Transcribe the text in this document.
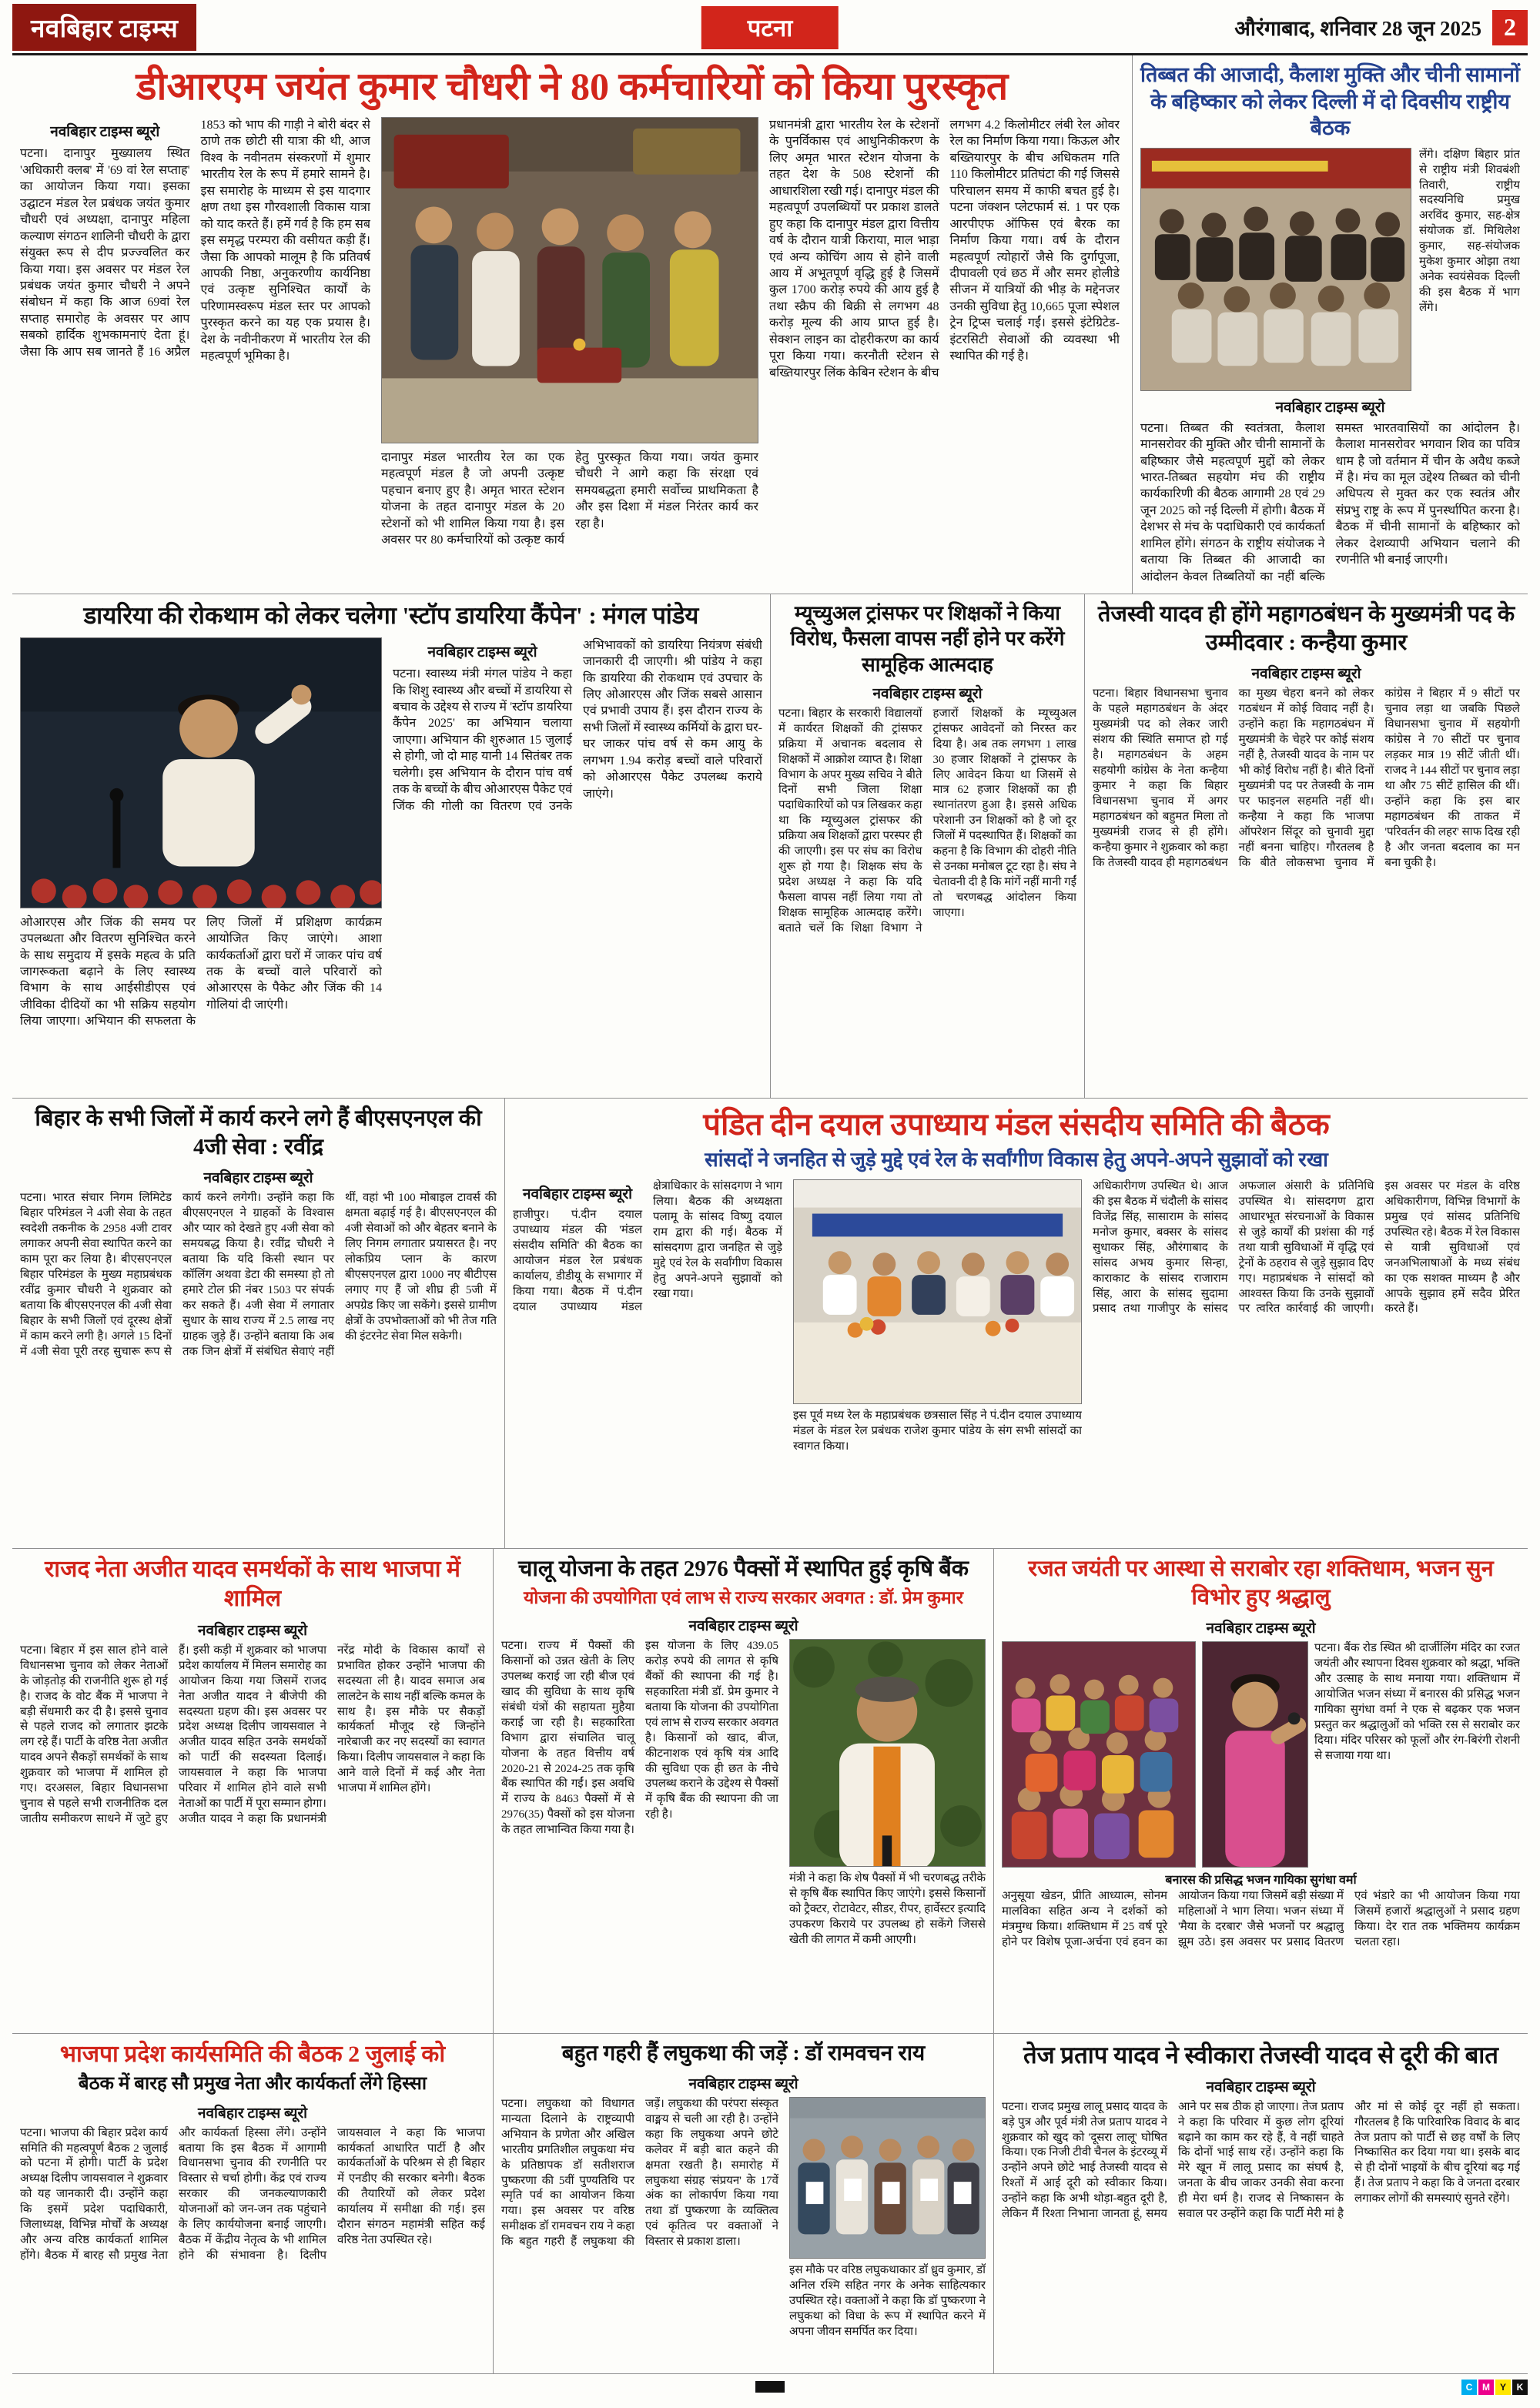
नवबिहार टाइम्स	पटना	औरंगाबाद, शनिवार 28 जून 2025 2
डीआरएम जयंत कुमार चौधरी ने 80 कर्मचारियों को किया पुरस्कृत
नवबिहार टाइम्स ब्यूरो
पटना। दानापुर मुख्यालय स्थित 'अधिकारी क्लब' में '69 वां रेल सप्ताह' का आयोजन किया गया। इसका उद्घाटन मंडल रेल प्रबंधक जयंत कुमार चौधरी एवं अध्यक्षा, दानापुर महिला कल्याण संगठन शालिनी चौधरी के द्वारा संयुक्त रूप से दीप प्रज्ज्वलित कर किया गया। इस अवसर पर मंडल रेल प्रबंधक जयंत कुमार चौधरी ने अपने संबोधन में कहा कि आज 69वां रेल सप्ताह समारोह के अवसर पर आप सबको हार्दिक शुभकामनाएं देता हूं। जैसा कि आप सब जानते हैं 16 अप्रैल 1853 को भाप की गाड़ी ने बोरी बंदर से ठाणे तक छोटी सी यात्रा की थी, आज विश्व के नवीनतम संस्करणों में शुमार भारतीय रेल के रूप में हमारे सामने है। इस समारोह के माध्यम से इस यादगार क्षण तथा इस गौरवशाली विकास यात्रा को याद करते हैं। हमें गर्व है कि हम सब इस समृद्ध परम्परा की वसीयत कड़ी हैं। जैसा कि आपको मालूम है कि प्रतिवर्ष आपकी निष्ठा, अनुकरणीय कार्यनिष्ठा एवं उत्कृष्ट सुनिश्चित कार्यों के परिणामस्वरूप मंडल स्तर पर आपको पुरस्कृत करने का यह एक प्रयास है। देश के नवीनीकरण में भारतीय रेल की महत्वपूर्ण भूमिका है।
दानापुर मंडल भारतीय रेल का एक महत्वपूर्ण मंडल है जो अपनी उत्कृष्ट पहचान बनाए हुए है। अमृत भारत स्टेशन योजना के तहत दानापुर मंडल के 20 स्टेशनों को भी शामिल किया गया है। इस अवसर पर 80 कर्मचारियों को उत्कृष्ट कार्य हेतु पुरस्कृत किया गया। जयंत कुमार चौधरी ने आगे कहा कि संरक्षा एवं समयबद्धता हमारी सर्वोच्च प्राथमिकता है और इस दिशा में मंडल निरंतर कार्य कर रहा है।
प्रधानमंत्री द्वारा भारतीय रेल के स्टेशनों के पुनर्विकास एवं आधुनिकीकरण के लिए अमृत भारत स्टेशन योजना के तहत देश के 508 स्टेशनों की आधारशिला रखी गई। दानापुर मंडल की महत्वपूर्ण उपलब्धियों पर प्रकाश डालते हुए कहा कि दानापुर मंडल द्वारा वित्तीय वर्ष के दौरान यात्री किराया, माल भाड़ा एवं अन्य कोचिंग आय से होने वाली आय में अभूतपूर्ण वृद्धि हुई है जिसमें कुल 1700 करोड़ रुपये की आय हुई है तथा स्क्रैप की बिक्री से लगभग 48 करोड़ मूल्य की आय प्राप्त हुई है। सेक्शन लाइन का दोहरीकरण का कार्य पूरा किया गया। करनौती स्टेशन से बख्तियारपुर लिंक केबिन स्टेशन के बीच लगभग 4.2 किलोमीटर लंबी रेल ओवर रेल का निर्माण किया गया। किऊल और बख्तियारपुर के बीच अधिकतम गति 110 किलोमीटर प्रतिघंटा की गई जिससे परिचालन समय में काफी बचत हुई है। पटना जंक्शन प्लेटफार्म सं. 1 पर एक आरपीएफ ऑफिस एवं बैरक का निर्माण किया गया। वर्ष के दौरान महत्वपूर्ण त्योहारों जैसे कि दुर्गापूजा, दीपावली एवं छठ में और समर होलीडे सीजन में यात्रियों की भीड़ के मद्देनजर उनकी सुविधा हेतु 10,665 पूजा स्पेशल ट्रेन ट्रिप्स चलाई गईं। इससे इंटेग्रिटेड-इंटरसिटी सेवाओं की व्यवस्था भी स्थापित की गई है।
तिब्बत की आजादी, कैलाश मुक्ति और चीनी सामानों के बहिष्कार को लेकर दिल्ली में दो दिवसीय राष्ट्रीय बैठक
लेंगे। दक्षिण बिहार प्रांत से राष्ट्रीय मंत्री शिवबंशी तिवारी, राष्ट्रीय सदस्यनिधि प्रमुख अरविंद कुमार, सह-क्षेत्र संयोजक डॉ. मिथिलेश कुमार, सह-संयोजक मुकेश कुमार ओझा तथा अनेक स्वयंसेवक दिल्ली की इस बैठक में भाग लेंगे।
नवबिहार टाइम्स ब्यूरो
पटना। तिब्बत की स्वतंत्रता, कैलाश मानसरोवर की मुक्ति और चीनी सामानों के बहिष्कार जैसे महत्वपूर्ण मुद्दों को लेकर भारत-तिब्बत सहयोग मंच की राष्ट्रीय कार्यकारिणी की बैठक आगामी 28 एवं 29 जून 2025 को नई दिल्ली में होगी। बैठक में देशभर से मंच के पदाधिकारी एवं कार्यकर्ता शामिल होंगे। संगठन के राष्ट्रीय संयोजक ने बताया कि तिब्बत की आजादी का आंदोलन केवल तिब्बतियों का नहीं बल्कि समस्त भारतवासियों का आंदोलन है। कैलाश मानसरोवर भगवान शिव का पवित्र धाम है जो वर्तमान में चीन के अवैध कब्जे में है। मंच का मूल उद्देश्य तिब्बत को चीनी अधिपत्य से मुक्त कर एक स्वतंत्र और संप्रभु राष्ट्र के रूप में पुनर्स्थापित करना है। बैठक में चीनी सामानों के बहिष्कार को लेकर देशव्यापी अभियान चलाने की रणनीति भी बनाई जाएगी।
डायरिया की रोकथाम को लेकर चलेगा 'स्टॉप डायरिया कैंपेन' : मंगल पांडेय
ओआरएस और जिंक की समय पर उपलब्धता और वितरण सुनिश्चित करने के साथ समुदाय में इसके महत्व के प्रति जागरूकता बढ़ाने के लिए स्वास्थ्य विभाग के साथ आईसीडीएस एवं जीविका दीदियों का भी सक्रिय सहयोग लिया जाएगा। अभियान की सफलता के लिए जिलों में प्रशिक्षण कार्यक्रम आयोजित किए जाएंगे। आशा कार्यकर्ताओं द्वारा घरों में जाकर पांच वर्ष तक के बच्चों वाले परिवारों को ओआरएस के पैकेट और जिंक की 14 गोलियां दी जाएंगी।
नवबिहार टाइम्स ब्यूरो
पटना। स्वास्थ्य मंत्री मंगल पांडेय ने कहा कि शिशु स्वास्थ्य और बच्चों में डायरिया से बचाव के उद्देश्य से राज्य में 'स्टॉप डायरिया कैंपेन 2025' का अभियान चलाया जाएगा। अभियान की शुरुआत 15 जुलाई से होगी, जो दो माह यानी 14 सितंबर तक चलेगी। इस अभियान के दौरान पांच वर्ष तक के बच्चों के बीच ओआरएस पैकेट एवं जिंक की गोली का वितरण एवं उनके अभिभावकों को डायरिया नियंत्रण संबंधी जानकारी दी जाएगी। श्री पांडेय ने कहा कि डायरिया की रोकथाम एवं उपचार के लिए ओआरएस और जिंक सबसे आसान एवं प्रभावी उपाय हैं। इस दौरान राज्य के सभी जिलों में स्वास्थ्य कर्मियों के द्वारा घर-घर जाकर पांच वर्ष से कम आयु के लगभग 1.94 करोड़ बच्चों वाले परिवारों को ओआरएस पैकेट उपलब्ध कराये जाएंगे।
म्यूच्युअल ट्रांसफर पर शिक्षकों ने किया विरोध, फैसला वापस नहीं होने पर करेंगे सामूहिक आत्मदाह
नवबिहार टाइम्स ब्यूरो
पटना। बिहार के सरकारी विद्यालयों में कार्यरत शिक्षकों की ट्रांसफर प्रक्रिया में अचानक बदलाव से शिक्षकों में आक्रोश व्याप्त है। शिक्षा विभाग के अपर मुख्य सचिव ने बीते दिनों सभी जिला शिक्षा पदाधिकारियों को पत्र लिखकर कहा था कि म्यूच्युअल ट्रांसफर की प्रक्रिया अब शिक्षकों द्वारा परस्पर ही की जाएगी। इस पर संघ का विरोध शुरू हो गया है। शिक्षक संघ के प्रदेश अध्यक्ष ने कहा कि यदि फैसला वापस नहीं लिया गया तो शिक्षक सामूहिक आत्मदाह करेंगे। बताते चलें कि शिक्षा विभाग ने हजारों शिक्षकों के म्यूच्युअल ट्रांसफर आवेदनों को निरस्त कर दिया है। अब तक लगभग 1 लाख 30 हजार शिक्षकों ने ट्रांसफर के लिए आवेदन किया था जिसमें से मात्र 62 हजार शिक्षकों का ही स्थानांतरण हुआ है। इससे अधिक परेशानी उन शिक्षकों को है जो दूर जिलों में पदस्थापित हैं। शिक्षकों का कहना है कि विभाग की दोहरी नीति से उनका मनोबल टूट रहा है। संघ ने चेतावनी दी है कि मांगें नहीं मानी गईं तो चरणबद्ध आंदोलन किया जाएगा।
तेजस्वी यादव ही होंगे महागठबंधन के मुख्यमंत्री पद के उम्मीदवार : कन्हैया कुमार
नवबिहार टाइम्स ब्यूरो
पटना। बिहार विधानसभा चुनाव के पहले महागठबंधन के अंदर मुख्यमंत्री पद को लेकर जारी संशय की स्थिति समाप्त हो गई है। महागठबंधन के अहम सहयोगी कांग्रेस के नेता कन्हैया कुमार ने कहा कि बिहार विधानसभा चुनाव में अगर महागठबंधन को बहुमत मिला तो मुख्यमंत्री राजद से ही होंगे। कन्हैया कुमार ने शुक्रवार को कहा कि तेजस्वी यादव ही महागठबंधन का मुख्य चेहरा बनने को लेकर गठबंधन में कोई विवाद नहीं है। उन्होंने कहा कि महागठबंधन में मुख्यमंत्री के चेहरे पर कोई संशय नहीं है, तेजस्वी यादव के नाम पर भी कोई विरोध नहीं है। बीते दिनों मुख्यमंत्री पद पर तेजस्वी के नाम पर फाइनल सहमति नहीं थी। कन्हैया ने कहा कि भाजपा ऑपरेशन सिंदूर को चुनावी मुद्दा नहीं बनना चाहिए। गौरतलब है कि बीते लोकसभा चुनाव में कांग्रेस ने बिहार में 9 सीटों पर चुनाव लड़ा था जबकि पिछले विधानसभा चुनाव में सहयोगी कांग्रेस ने 70 सीटों पर चुनाव लड़कर मात्र 19 सीटें जीती थीं। राजद ने 144 सीटों पर चुनाव लड़ा था और 75 सीटें हासिल की थीं। उन्होंने कहा कि इस बार महागठबंधन की ताकत में 'परिवर्तन की लहर' साफ दिख रही है और जनता बदलाव का मन बना चुकी है।
बिहार के सभी जिलों में कार्य करने लगे हैं बीएसएनएल की 4जी सेवा : रवींद्र
नवबिहार टाइम्स ब्यूरो
पटना। भारत संचार निगम लिमिटेड बिहार परिमंडल ने 4जी सेवा के तहत स्वदेशी तकनीक के 2958 4जी टावर लगाकर अपनी सेवा स्थापित करने का काम पूरा कर लिया है। बीएसएनएल बिहार परिमंडल के मुख्य महाप्रबंधक रवींद्र कुमार चौधरी ने शुक्रवार को बताया कि बीएसएनएल की 4जी सेवा बिहार के सभी जिलों एवं दूरस्थ क्षेत्रों में काम करने लगी है। अगले 15 दिनों में 4जी सेवा पूरी तरह सुचारू रूप से कार्य करने लगेगी। उन्होंने कहा कि बीएसएनएल ने ग्राहकों के विश्वास और प्यार को देखते हुए 4जी सेवा को समयबद्ध किया है। रवींद्र चौधरी ने बताया कि यदि किसी स्थान पर कॉलिंग अथवा डेटा की समस्या हो तो हमारे टोल फ्री नंबर 1503 पर संपर्क कर सकते हैं। 4जी सेवा में लगातार सुधार के साथ राज्य में 2.5 लाख नए ग्राहक जुड़े हैं। उन्होंने बताया कि अब तक जिन क्षेत्रों में संबंधित सेवाएं नहीं थीं, वहां भी 100 मोबाइल टावर्स की क्षमता बढ़ाई गई है। बीएसएनएल की 4जी सेवाओं को और बेहतर बनाने के लिए निगम लगातार प्रयासरत है। नए लोकप्रिय प्लान के कारण बीएसएनएल द्वारा 1000 नए बीटीएस लगाए गए हैं जो शीघ्र ही 5जी में अपग्रेड किए जा सकेंगे। इससे ग्रामीण क्षेत्रों के उपभोक्ताओं को भी तेज गति की इंटरनेट सेवा मिल सकेगी।
पंडित दीन दयाल उपाध्याय मंडल संसदीय समिति की बैठक
सांसदों ने जनहित से जुड़े मुद्दे एवं रेल के सर्वांगीण विकास हेतु अपने-अपने सुझावों को रखा
नवबिहार टाइम्स ब्यूरो
हाजीपुर। पं.दीन दयाल उपाध्याय मंडल की 'मंडल संसदीय समिति' की बैठक का आयोजन मंडल रेल प्रबंधक कार्यालय, डीडीयू के सभागार में किया गया। बैठक में पं.दीन दयाल उपाध्याय मंडल क्षेत्राधिकार के सांसदगण ने भाग लिया। बैठक की अध्यक्षता पलामू के सांसद विष्णु दयाल राम द्वारा की गई। बैठक में सांसदगण द्वारा जनहित से जुड़े मुद्दे एवं रेल के सर्वांगीण विकास हेतु अपने-अपने सुझावों को रखा गया।
इस पूर्व मध्य रेल के महाप्रबंधक छत्रसाल सिंह ने पं.दीन दयाल उपाध्याय मंडल के मंडल रेल प्रबंधक राजेश कुमार पांडेय के संग सभी सांसदों का स्वागत किया।
अधिकारीगण उपस्थित थे। आज की इस बैठक में चंदौली के सांसद विजेंद्र सिंह, सासाराम के सांसद मनोज कुमार, बक्सर के सांसद सुधाकर सिंह, औरंगाबाद के सांसद अभय कुमार सिन्हा, काराकाट के सांसद राजाराम सिंह, आरा के सांसद सुदामा प्रसाद तथा गाजीपुर के सांसद अफजाल अंसारी के प्रतिनिधि उपस्थित थे। सांसदगण द्वारा आधारभूत संरचनाओं के विकास से जुड़े कार्यों की प्रशंसा की गई तथा यात्री सुविधाओं में वृद्धि एवं ट्रेनों के ठहराव से जुड़े सुझाव दिए गए। महाप्रबंधक ने सांसदों को आश्वस्त किया कि उनके सुझावों पर त्वरित कार्रवाई की जाएगी। इस अवसर पर मंडल के वरिष्ठ अधिकारीगण, विभिन्न विभागों के प्रमुख एवं सांसद प्रतिनिधि उपस्थित रहे। बैठक में रेल विकास से यात्री सुविधाओं एवं जनअभिलाषाओं के मध्य संबंध का एक सशक्त माध्यम है और आपके सुझाव हमें सदैव प्रेरित करते हैं।
राजद नेता अजीत यादव समर्थकों के साथ भाजपा में शामिल
नवबिहार टाइम्स ब्यूरो
पटना। बिहार में इस साल होने वाले विधानसभा चुनाव को लेकर नेताओं के जोड़तोड़ की राजनीति शुरू हो गई है। राजद के वोट बैंक में भाजपा ने बड़ी सेंधमारी कर दी है। इससे चुनाव से पहले राजद को लगातार झटके लग रहे हैं। पार्टी के वरिष्ठ नेता अजीत यादव अपने सैकड़ों समर्थकों के साथ शुक्रवार को भाजपा में शामिल हो गए। दरअसल, बिहार विधानसभा चुनाव से पहले सभी राजनीतिक दल जातीय समीकरण साधने में जुटे हुए हैं। इसी कड़ी में शुक्रवार को भाजपा प्रदेश कार्यालय में मिलन समारोह का आयोजन किया गया जिसमें राजद नेता अजीत यादव ने बीजेपी की सदस्यता ग्रहण की। इस अवसर पर प्रदेश अध्यक्ष दिलीप जायसवाल ने अजीत यादव सहित उनके समर्थकों को पार्टी की सदस्यता दिलाई। जायसवाल ने कहा कि भाजपा परिवार में शामिल होने वाले सभी नेताओं का पार्टी में पूरा सम्मान होगा। अजीत यादव ने कहा कि प्रधानमंत्री नरेंद्र मोदी के विकास कार्यों से प्रभावित होकर उन्होंने भाजपा की सदस्यता ली है। यादव समाज अब लालटेन के साथ नहीं बल्कि कमल के साथ है। इस मौके पर सैकड़ों कार्यकर्ता मौजूद रहे जिन्होंने नारेबाजी कर नए सदस्यों का स्वागत किया। दिलीप जायसवाल ने कहा कि आने वाले दिनों में कई और नेता भाजपा में शामिल होंगे।
चालू योजना के तहत 2976 पैक्सों में स्थापित हुई कृषि बैंक
योजना की उपयोगिता एवं लाभ से राज्य सरकार अवगत : डॉ. प्रेम कुमार
नवबिहार टाइम्स ब्यूरो
पटना। राज्य में पैक्सों की किसानों को उन्नत खेती के लिए उपलब्ध कराई जा रही बीज एवं खाद की सुविधा के साथ कृषि संबंधी यंत्रों की सहायता मुहैया कराई जा रही है। सहकारिता विभाग द्वारा संचालित चालू योजना के तहत वित्तीय वर्ष 2020-21 से 2024-25 तक कृषि बैंक स्थापित की गईं। इस अवधि में राज्य के 8463 पैक्सों में से 2976(35) पैक्सों को इस योजना के तहत लाभान्वित किया गया है। इस योजना के लिए 439.05 करोड़ रुपये की लागत से कृषि बैंकों की स्थापना की गई है। सहकारिता मंत्री डॉ. प्रेम कुमार ने बताया कि योजना की उपयोगिता एवं लाभ से राज्य सरकार अवगत है। किसानों को खाद, बीज, कीटनाशक एवं कृषि यंत्र आदि की सुविधा एक ही छत के नीचे उपलब्ध कराने के उद्देश्य से पैक्सों में कृषि बैंक की स्थापना की जा रही है।
मंत्री ने कहा कि शेष पैक्सों में भी चरणबद्ध तरीके से कृषि बैंक स्थापित किए जाएंगे। इससे किसानों को ट्रैक्टर, रोटावेटर, सीडर, रीपर, हार्वेस्टर इत्यादि उपकरण किराये पर उपलब्ध हो सकेंगे जिससे खेती की लागत में कमी आएगी।
रजत जयंती पर आस्था से सराबोर रहा शक्तिधाम, भजन सुन विभोर हुए श्रद्धालु
नवबिहार टाइम्स ब्यूरो
पटना। बैंक रोड स्थित श्री दार्जीलिंग मंदिर का रजत जयंती और स्थापना दिवस शुक्रवार को श्रद्धा, भक्ति और उत्साह के साथ मनाया गया। शक्तिधाम में आयोजित भजन संध्या में बनारस की प्रसिद्ध भजन गायिका सुगंधा वर्मा ने एक से बढ़कर एक भजन प्रस्तुत कर श्रद्धालुओं को भक्ति रस से सराबोर कर दिया। मंदिर परिसर को फूलों और रंग-बिरंगी रोशनी से सजाया गया था।
बनारस की प्रसिद्ध भजन गायिका सुगंधा वर्मा
अनुसूया खेडन, प्रीति आध्यात्म, सोनम मालविका सहित अन्य ने दर्शकों को मंत्रमुग्ध किया। शक्तिधाम में 25 वर्ष पूरे होने पर विशेष पूजा-अर्चना एवं हवन का आयोजन किया गया जिसमें बड़ी संख्या में महिलाओं ने भाग लिया। भजन संध्या में 'मैया के दरबार' जैसे भजनों पर श्रद्धालु झूम उठे। इस अवसर पर प्रसाद वितरण एवं भंडारे का भी आयोजन किया गया जिसमें हजारों श्रद्धालुओं ने प्रसाद ग्रहण किया। देर रात तक भक्तिमय कार्यक्रम चलता रहा।
भाजपा प्रदेश कार्यसमिति की बैठक 2 जुलाई को
बैठक में बारह सौ प्रमुख नेता और कार्यकर्ता लेंगे हिस्सा
नवबिहार टाइम्स ब्यूरो
पटना। भाजपा की बिहार प्रदेश कार्य समिति की महत्वपूर्ण बैठक 2 जुलाई को पटना में होगी। पार्टी के प्रदेश अध्यक्ष दिलीप जायसवाल ने शुक्रवार को यह जानकारी दी। उन्होंने कहा कि इसमें प्रदेश पदाधिकारी, जिलाध्यक्ष, विभिन्न मोर्चों के अध्यक्ष और अन्य वरिष्ठ कार्यकर्ता शामिल होंगे। बैठक में बारह सौ प्रमुख नेता और कार्यकर्ता हिस्सा लेंगे। उन्होंने बताया कि इस बैठक में आगामी विधानसभा चुनाव की रणनीति पर विस्तार से चर्चा होगी। केंद्र एवं राज्य सरकार की जनकल्याणकारी योजनाओं को जन-जन तक पहुंचाने के लिए कार्ययोजना बनाई जाएगी। बैठक में केंद्रीय नेतृत्व के भी शामिल होने की संभावना है। दिलीप जायसवाल ने कहा कि भाजपा कार्यकर्ता आधारित पार्टी है और कार्यकर्ताओं के परिश्रम से ही बिहार में एनडीए की सरकार बनेगी। बैठक की तैयारियों को लेकर प्रदेश कार्यालय में समीक्षा की गई। इस दौरान संगठन महामंत्री सहित कई वरिष्ठ नेता उपस्थित रहे।
बहुत गहरी हैं लघुकथा की जड़ें : डॉ रामवचन राय
नवबिहार टाइम्स ब्यूरो
पटना। लघुकथा को विधागत मान्यता दिलाने के राष्ट्रव्यापी अभियान के प्रणेता और अखिल भारतीय प्रगतिशील लघुकथा मंच के प्रतिष्ठापक डॉ सतीशराज पुष्करणा की 5वीं पुण्यतिथि पर स्मृति पर्व का आयोजन किया गया। इस अवसर पर वरिष्ठ समीक्षक डॉ रामवचन राय ने कहा कि बहुत गहरी हैं लघुकथा की जड़ें। लघुकथा की परंपरा संस्कृत वाङ्मय से चली आ रही है। उन्होंने कहा कि लघुकथा अपने छोटे कलेवर में बड़ी बात कहने की क्षमता रखती है। समारोह में लघुकथा संग्रह 'संप्रयन' के 17वें अंक का लोकार्पण किया गया तथा डॉ पुष्करणा के व्यक्तित्व एवं कृतित्व पर वक्ताओं ने विस्तार से प्रकाश डाला।
इस मौके पर वरिष्ठ लघुकथाकार डॉ ध्रुव कुमार, डॉ अनिल रश्मि सहित नगर के अनेक साहित्यकार उपस्थित रहे। वक्ताओं ने कहा कि डॉ पुष्करणा ने लघुकथा को विधा के रूप में स्थापित करने में अपना जीवन समर्पित कर दिया।
तेज प्रताप यादव ने स्वीकारा तेजस्वी यादव से दूरी की बात
नवबिहार टाइम्स ब्यूरो
पटना। राजद प्रमुख लालू प्रसाद यादव के बड़े पुत्र और पूर्व मंत्री तेज प्रताप यादव ने शुक्रवार को खुद को 'दूसरा लालू' घोषित किया। एक निजी टीवी चैनल के इंटरव्यू में उन्होंने अपने छोटे भाई तेजस्वी यादव से रिश्तों में आई दूरी को स्वीकार किया। उन्होंने कहा कि अभी थोड़ा-बहुत दूरी है, लेकिन मैं रिश्ता निभाना जानता हूं, समय आने पर सब ठीक हो जाएगा। तेज प्रताप ने कहा कि परिवार में कुछ लोग दूरियां बढ़ाने का काम कर रहे हैं, वे नहीं चाहते कि दोनों भाई साथ रहें। उन्होंने कहा कि मेरे खून में लालू प्रसाद का संघर्ष है, जनता के बीच जाकर उनकी सेवा करना ही मेरा धर्म है। राजद से निष्कासन के सवाल पर उन्होंने कहा कि पार्टी मेरी मां है और मां से कोई दूर नहीं हो सकता। गौरतलब है कि पारिवारिक विवाद के बाद तेज प्रताप को पार्टी से छह वर्षों के लिए निष्कासित कर दिया गया था। इसके बाद से ही दोनों भाइयों के बीच दूरियां बढ़ गई हैं। तेज प्रताप ने कहा कि वे जनता दरबार लगाकर लोगों की समस्याएं सुनते रहेंगे।
C	M	Y	K
